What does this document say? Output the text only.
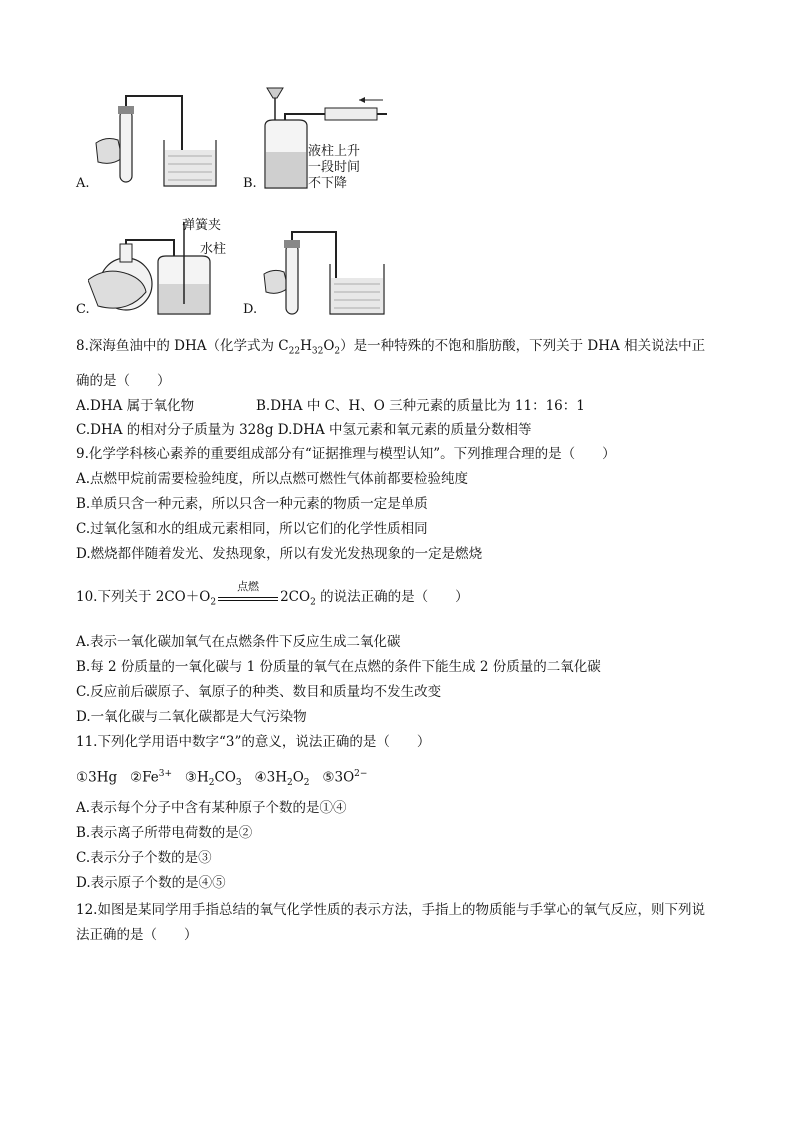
A.
液柱上升
一段时间
不下降
B.
弹簧夹
水柱
C.	D.
8.深海鱼油中的 DHA（化学式为 $C_{22}H_{32}O_2$）是一种特殊的不饱和脂肪酸，下列关于 DHA 相关说法中正
确的是（　　）
A.DHA 属于氧化物	B.DHA 中 C、H、O 三种元素的质量比为 11：16：1
C.DHA 的相对分子质量为 328g D.DHA 中氢元素和氧元素的质量分数相等
9.化学学科核心素养的重要组成部分有“证据推理与模型认知”。下列推理合理的是（　　）
A.点燃甲烷前需要检验纯度，所以点燃可燃性气体前都要检验纯度
B.单质只含一种元素，所以只含一种元素的物质一定是单质
C.过氧化氢和水的组成元素相同，所以它们的化学性质相同
D.燃烧都伴随着发光、发热现象，所以有发光发热现象的一定是燃烧
10.下列关于 $2CO+O_2$
点燃
$2CO_2$ 的说法正确的是（　　）
A.表示一氧化碳加氧气在点燃条件下反应生成二氧化碳
B.每 2 份质量的一氧化碳与 1 份质量的氧气在点燃的条件下能生成 2 份质量的二氧化碳
C.反应前后碳原子、氧原子的种类、数目和质量均不发生改变
D.一氧化碳与二氧化碳都是大气污染物
11.下列化学用语中数字“3”的意义，说法正确的是（　　）
①3Hg $②Fe^{3+}$ $③H_2CO_3$ $④3H_2O_2$ $⑤3O^{2-}$
A.表示每个分子中含有某种原子个数的是①④
B.表示离子所带电荷数的是②
C.表示分子个数的是③
D.表示原子个数的是④⑤
12.如图是某同学用手指总结的氧气化学性质的表示方法，手指上的物质能与手掌心的氧气反应，则下列说
法正确的是（　　）
